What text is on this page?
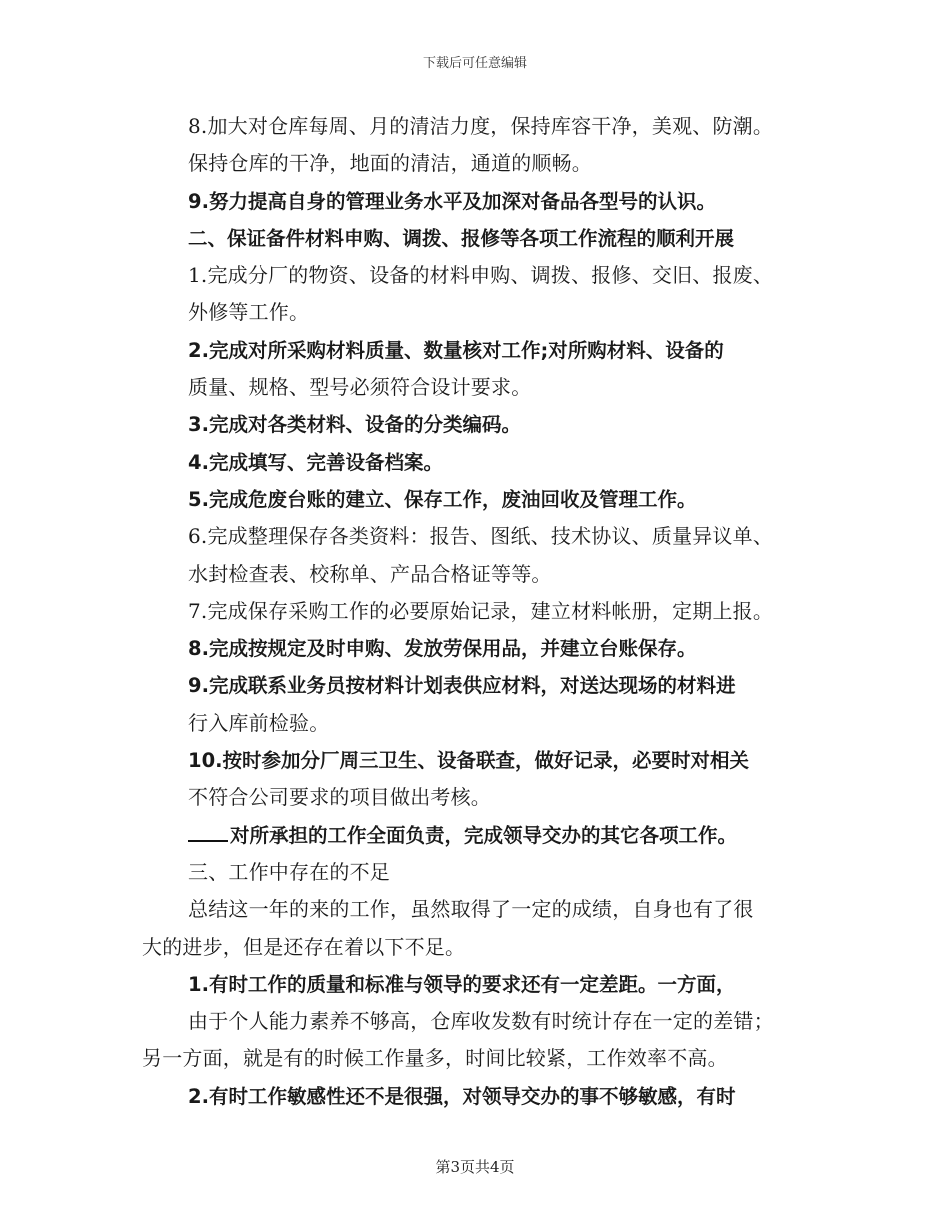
下载后可任意编辑
8.加大对仓库每周、月的清洁力度，保持库容干净，美观、防潮。
保持仓库的干净，地面的清洁，通道的顺畅。
9.努力提高自身的管理业务水平及加深对备品各型号的认识。
二、保证备件材料申购、调拨、报修等各项工作流程的顺利开展
1.完成分厂的物资、设备的材料申购、调拨、报修、交旧、报废、
外修等工作。
2.完成对所采购材料质量、数量核对工作;对所购材料、设备的
质量、规格、型号必须符合设计要求。
3.完成对各类材料、设备的分类编码。
4.完成填写、完善设备档案。
5.完成危废台账的建立、保存工作，废油回收及管理工作。
6.完成整理保存各类资料：报告、图纸、技术协议、质量异议单、
水封检查表、校称单、产品合格证等等。
7.完成保存采购工作的必要原始记录，建立材料帐册，定期上报。
8.完成按规定及时申购、发放劳保用品，并建立台账保存。
9.完成联系业务员按材料计划表供应材料，对送达现场的材料进
行入库前检验。
10.按时参加分厂周三卫生、设备联查，做好记录，必要时对相关
不符合公司要求的项目做出考核。
对所承担的工作全面负责，完成领导交办的其它各项工作。
三、工作中存在的不足
总结这一年的来的工作，虽然取得了一定的成绩，自身也有了很
大的进步，但是还存在着以下不足。
1.有时工作的质量和标准与领导的要求还有一定差距。一方面，
由于个人能力素养不够高，仓库收发数有时统计存在一定的差错；
另一方面，就是有的时候工作量多，时间比较紧，工作效率不高。
2.有时工作敏感性还不是很强，对领导交办的事不够敏感，有时
第3页共4页
